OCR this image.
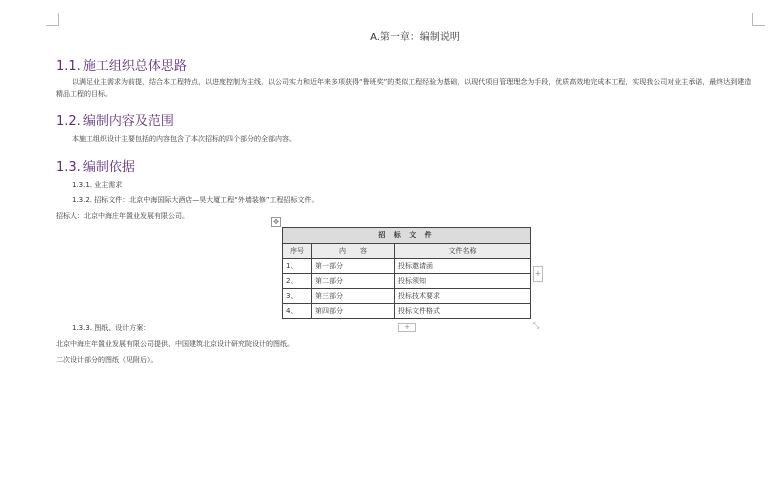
A.第一章：编制说明
1.1. 施工组织总体思路
以满足业主需求为前提，结合本工程特点，以进度控制为主线，以公司实力和近年来多项获得“鲁班奖”的类似工程经验为基础，以现代项目管理理念为手段，优质高效地完成本工程，实现我公司对业主承诺，最终达到建造精品工程的目标。
1.2. 编制内容及范围
本施工组织设计主要包括的内容包含了本次招标的四个部分的全部内容。
1.3. 编制依据
1.3.1. 业主需求
1.3.2. 招标文件：北京中海国际大酒店—昊大厦工程“外墙装修”工程招标文件。
招标人：北京中海庄年置业发展有限公司。
✥
招 标 文 件		
序号	内　　容	文件名称
1、	第一部分	投标邀请函
2、	第二部分	投标须知
3、	第三部分	投标技术要求
4、	第四部分	投标文件格式
+
+	⤡
1.3.3. 图纸、设计方案：
北京中海庄年置业发展有限公司提供、中国建筑北京设计研究院设计的图纸。
二次设计部分的图纸（见附后）。
